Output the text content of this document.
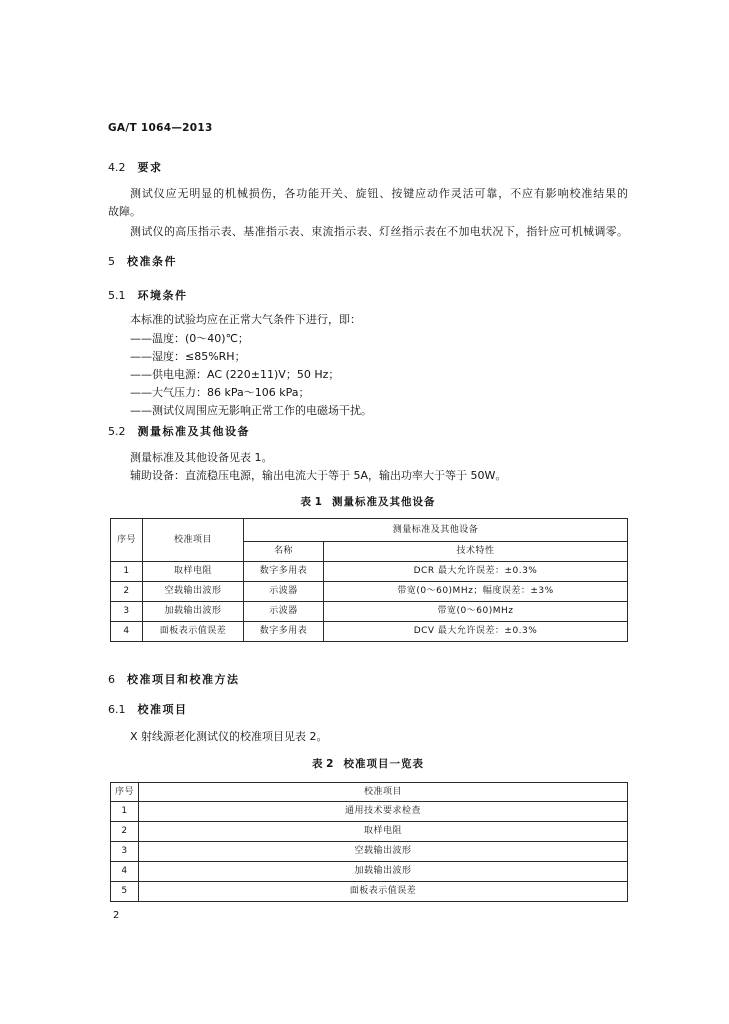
GA/T 1064—2013
4.2 要求
测试仪应无明显的机械损伤，各功能开关、旋钮、按键应动作灵活可靠，不应有影响校准结果的
故障。
测试仪的高压指示表、基准指示表、束流指示表、灯丝指示表在不加电状况下，指针应可机械调零。
5 校准条件
5.1 环境条件
本标准的试验均应在正常大气条件下进行，即：
——温度：(0～40)℃；
——湿度：≤85%RH；
——供电电源：AC (220±11)V；50 Hz；
——大气压力：86 kPa～106 kPa；
——测试仪周围应无影响正常工作的电磁场干扰。
5.2 测量标准及其他设备
测量标准及其他设备见表 1。
辅助设备：直流稳压电源，输出电流大于等于 5A，输出功率大于等于 50W。
表 1 测量标准及其他设备
序号	校准项目	测量标准及其他设备	
		名称	技术特性
1	取样电阻	数字多用表	DCR 最大允许误差：±0.3%
2	空载输出波形	示波器	带宽(0～60)MHz；幅度误差：±3%
3	加载输出波形	示波器	带宽(0～60)MHz
4	面板表示值误差	数字多用表	DCV 最大允许误差：±0.3%
6 校准项目和校准方法
6.1 校准项目
X 射线源老化测试仪的校准项目见表 2。
表 2 校准项目一览表
序号	校准项目
1	通用技术要求检查
2	取样电阻
3	空载输出波形
4	加载输出波形
5	面板表示值误差
2
